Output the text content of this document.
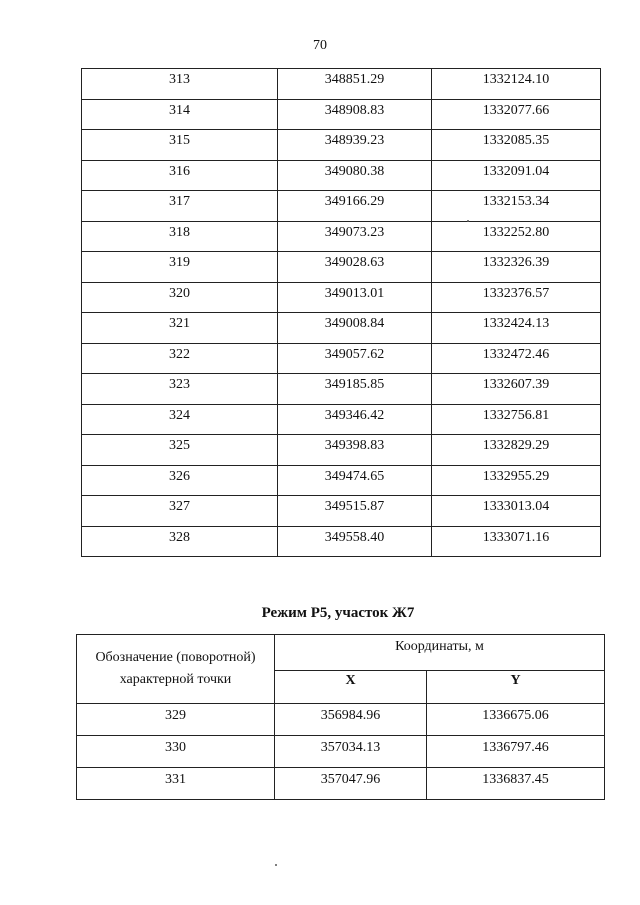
70
313	348851.29	1332124.10
314	348908.83	1332077.66
315	348939.23	1332085.35
316	349080.38	1332091.04
317	349166.29	1332153.34
318	349073.23	1332252.80
319	349028.63	1332326.39
320	349013.01	1332376.57
321	349008.84	1332424.13
322	349057.62	1332472.46
323	349185.85	1332607.39
324	349346.42	1332756.81
325	349398.83	1332829.29
326	349474.65	1332955.29
327	349515.87	1333013.04
328	349558.40	1333071.16
Режим Р5, участок Ж7
Обозначение (поворотной)
характерной точки	Координаты, м	
	X	Y
329	356984.96	1336675.06
330	357034.13	1336797.46
331	357047.96	1336837.45
